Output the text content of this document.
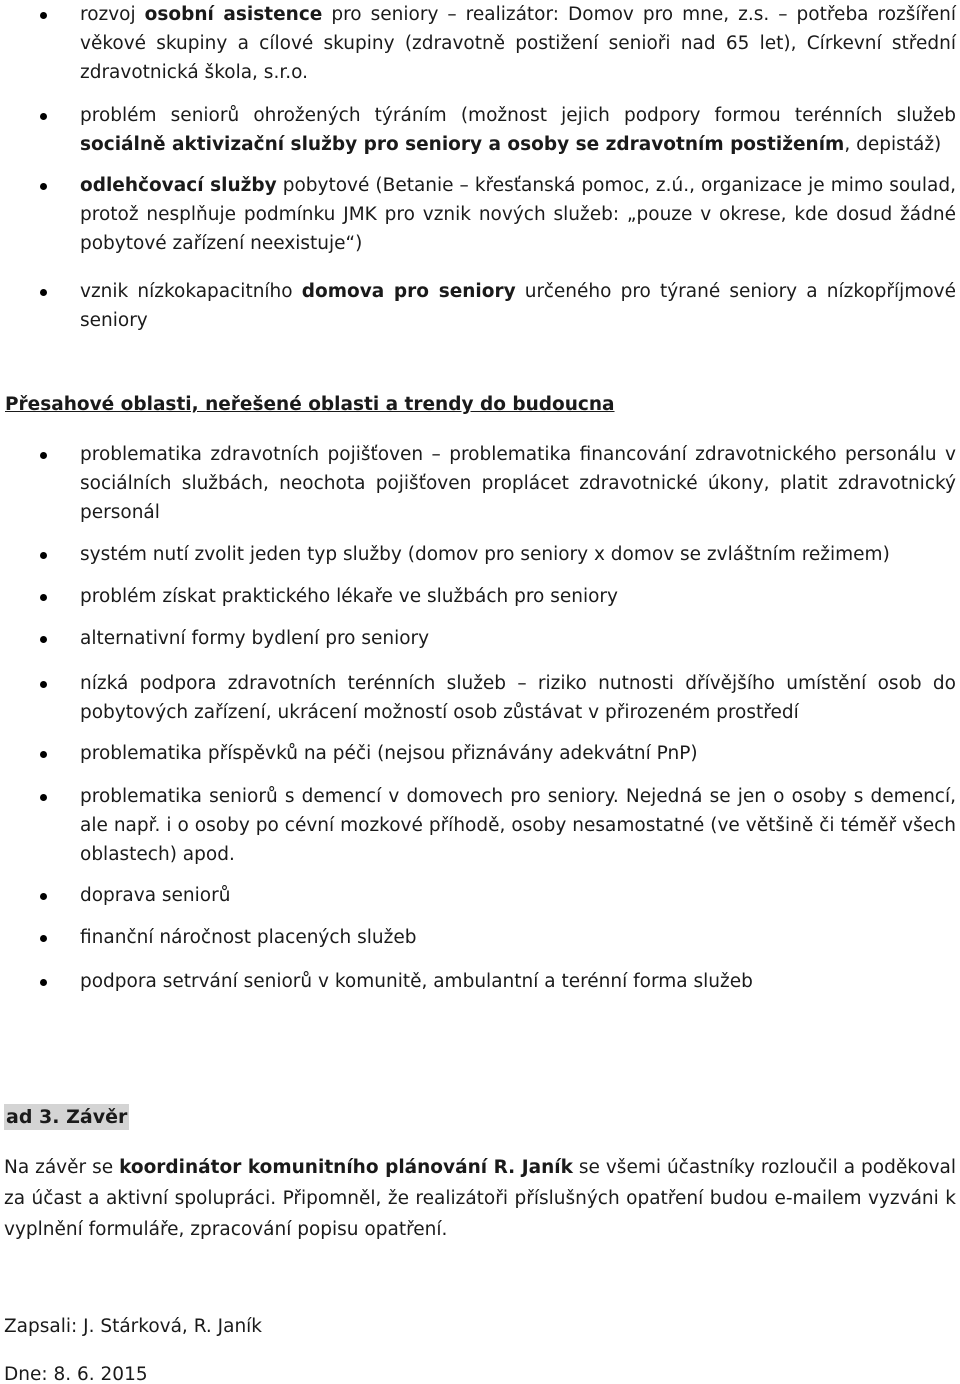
rozvoj osobní asistence pro seniory – realizátor: Domov pro mne, z.s. – potřeba rozšíření věkové skupiny a cílové skupiny (zdravotně postižení senioři nad 65 let), Církevní střední zdravotnická škola, s.r.o.
problém seniorů ohrožených týráním (možnost jejich podpory formou terénních služeb sociálně aktivizační služby pro seniory a osoby se zdravotním postižením, depistáž)
odlehčovací služby pobytové (Betanie – křesťanská pomoc, z.ú., organizace je mimo soulad, protož nesplňuje podmínku JMK pro vznik nových služeb: „pouze v okrese, kde dosud žádné pobytové zařízení neexistuje“)
vznik nízkokapacitního domova pro seniory určeného pro týrané seniory a nízkopříjmové seniory
Přesahové oblasti, neřešené oblasti a trendy do budoucna
problematika zdravotních pojišťoven – problematika financování zdravotnického personálu v sociálních službách, neochota pojišťoven proplácet zdravotnické úkony, platit zdravotnický personál
systém nutí zvolit jeden typ služby (domov pro seniory x domov se zvláštním režimem)
problém získat praktického lékaře ve službách pro seniory
alternativní formy bydlení pro seniory
nízká podpora zdravotních terénních služeb – riziko nutnosti dřívějšího umístění osob do pobytových zařízení, ukrácení možností osob zůstávat v přirozeném prostředí
problematika příspěvků na péči (nejsou přiznávány adekvátní PnP)
problematika seniorů s demencí v domovech pro seniory. Nejedná se jen o osoby s demencí, ale např. i o osoby po cévní mozkové příhodě, osoby nesamostatné (ve většině či téměř všech oblastech) apod.
doprava seniorů
finanční náročnost placených služeb
podpora setrvání seniorů v komunitě, ambulantní a terénní forma služeb
ad 3. Závěr
Na závěr se koordinátor komunitního plánování R. Janík se všemi účastníky rozloučil a poděkoval za účast a aktivní spolupráci. Připomněl, že realizátoři příslušných opatření budou e-mailem vyzváni k vyplnění formuláře, zpracování popisu opatření.
Zapsali: J. Stárková, R. Janík
Dne: 8. 6. 2015
